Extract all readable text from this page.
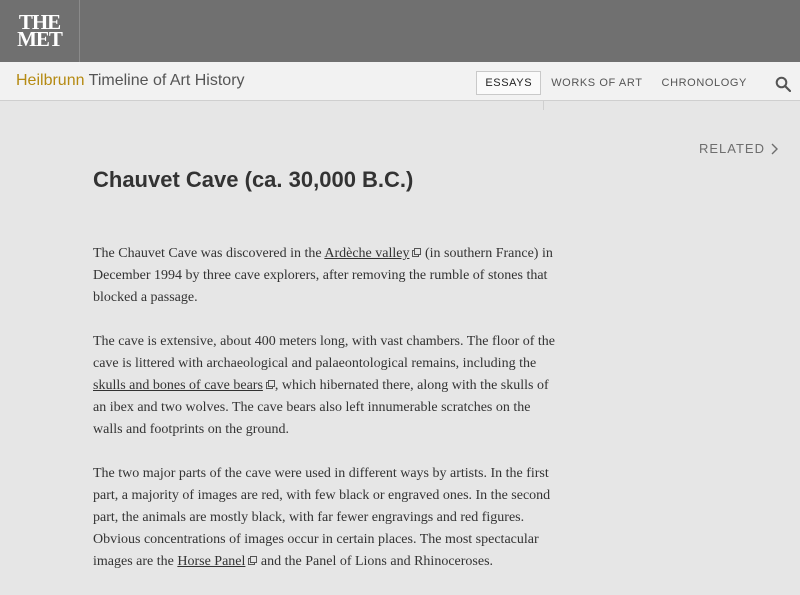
THE
MET
Heilbrunn Timeline of Art History	ESSAYS	WORKS OF ART	CHRONOLOGY
RELATED
Chauvet Cave (ca. 30,000 B.C.)

The Chauvet Cave was discovered in the Ardèche valley (in southern France) in December 1994 by three cave explorers, after removing the rumble of stones that blocked a passage.

The cave is extensive, about 400 meters long, with vast chambers. The floor of the cave is littered with archaeological and palaeontological remains, including the skulls and bones of cave bears , which hibernated there, along with the skulls of an ibex and two wolves. The cave bears also left innumerable scratches on the walls and footprints on the ground.

The two major parts of the cave were used in different ways by artists. In the first part, a majority of images are red, with few black or engraved ones. In the second part, the animals are mostly black, with far fewer engravings and red figures. Obvious concentrations of images occur in certain places. The most spectacular images are the Horse Panel and the Panel of Lions and Rhinoceroses.
